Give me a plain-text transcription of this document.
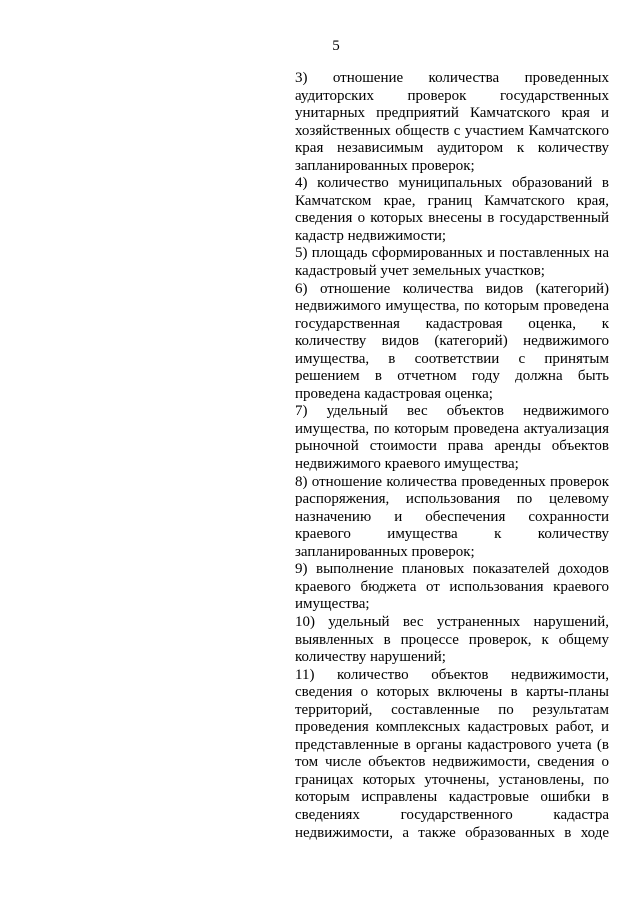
5
3) отношение количества проведенных
аудиторских проверок государственных
унитарных предприятий Камчатского края и
хозяйственных обществ с участием Камчатского
края независимым аудитором к количеству
запланированных проверок;
4) количество муниципальных образований в
Камчатском крае, границ Камчатского края,
сведения о которых внесены в государственный
кадастр недвижимости;
5) площадь сформированных и поставленных на
кадастровый учет земельных участков;
6) отношение количества видов (категорий)
недвижимого имущества, по которым проведена
государственная кадастровая оценка, к
количеству видов (категорий) недвижимого
имущества, в соответствии с принятым
решением в отчетном году должна быть
проведена кадастровая оценка;
7) удельный вес объектов недвижимого
имущества, по которым проведена актуализация
рыночной стоимости права аренды объектов
недвижимого краевого имущества;
8) отношение количества проведенных проверок
распоряжения, использования по целевому
назначению и обеспечения сохранности
краевого имущества к количеству
запланированных проверок;
9) выполнение плановых показателей доходов
краевого бюджета от использования краевого
имущества;
10) удельный вес устраненных нарушений,
выявленных в процессе проверок, к общему
количеству нарушений;
11) количество объектов недвижимости,
сведения о которых включены в карты-планы
территорий, составленные по результатам
проведения комплексных кадастровых работ, и
представленные в органы кадастрового учета (в
том числе объектов недвижимости, сведения о
границах которых уточнены, установлены, по
которым исправлены кадастровые ошибки в
сведениях государственного кадастра
недвижимости, а также образованных в ходе
